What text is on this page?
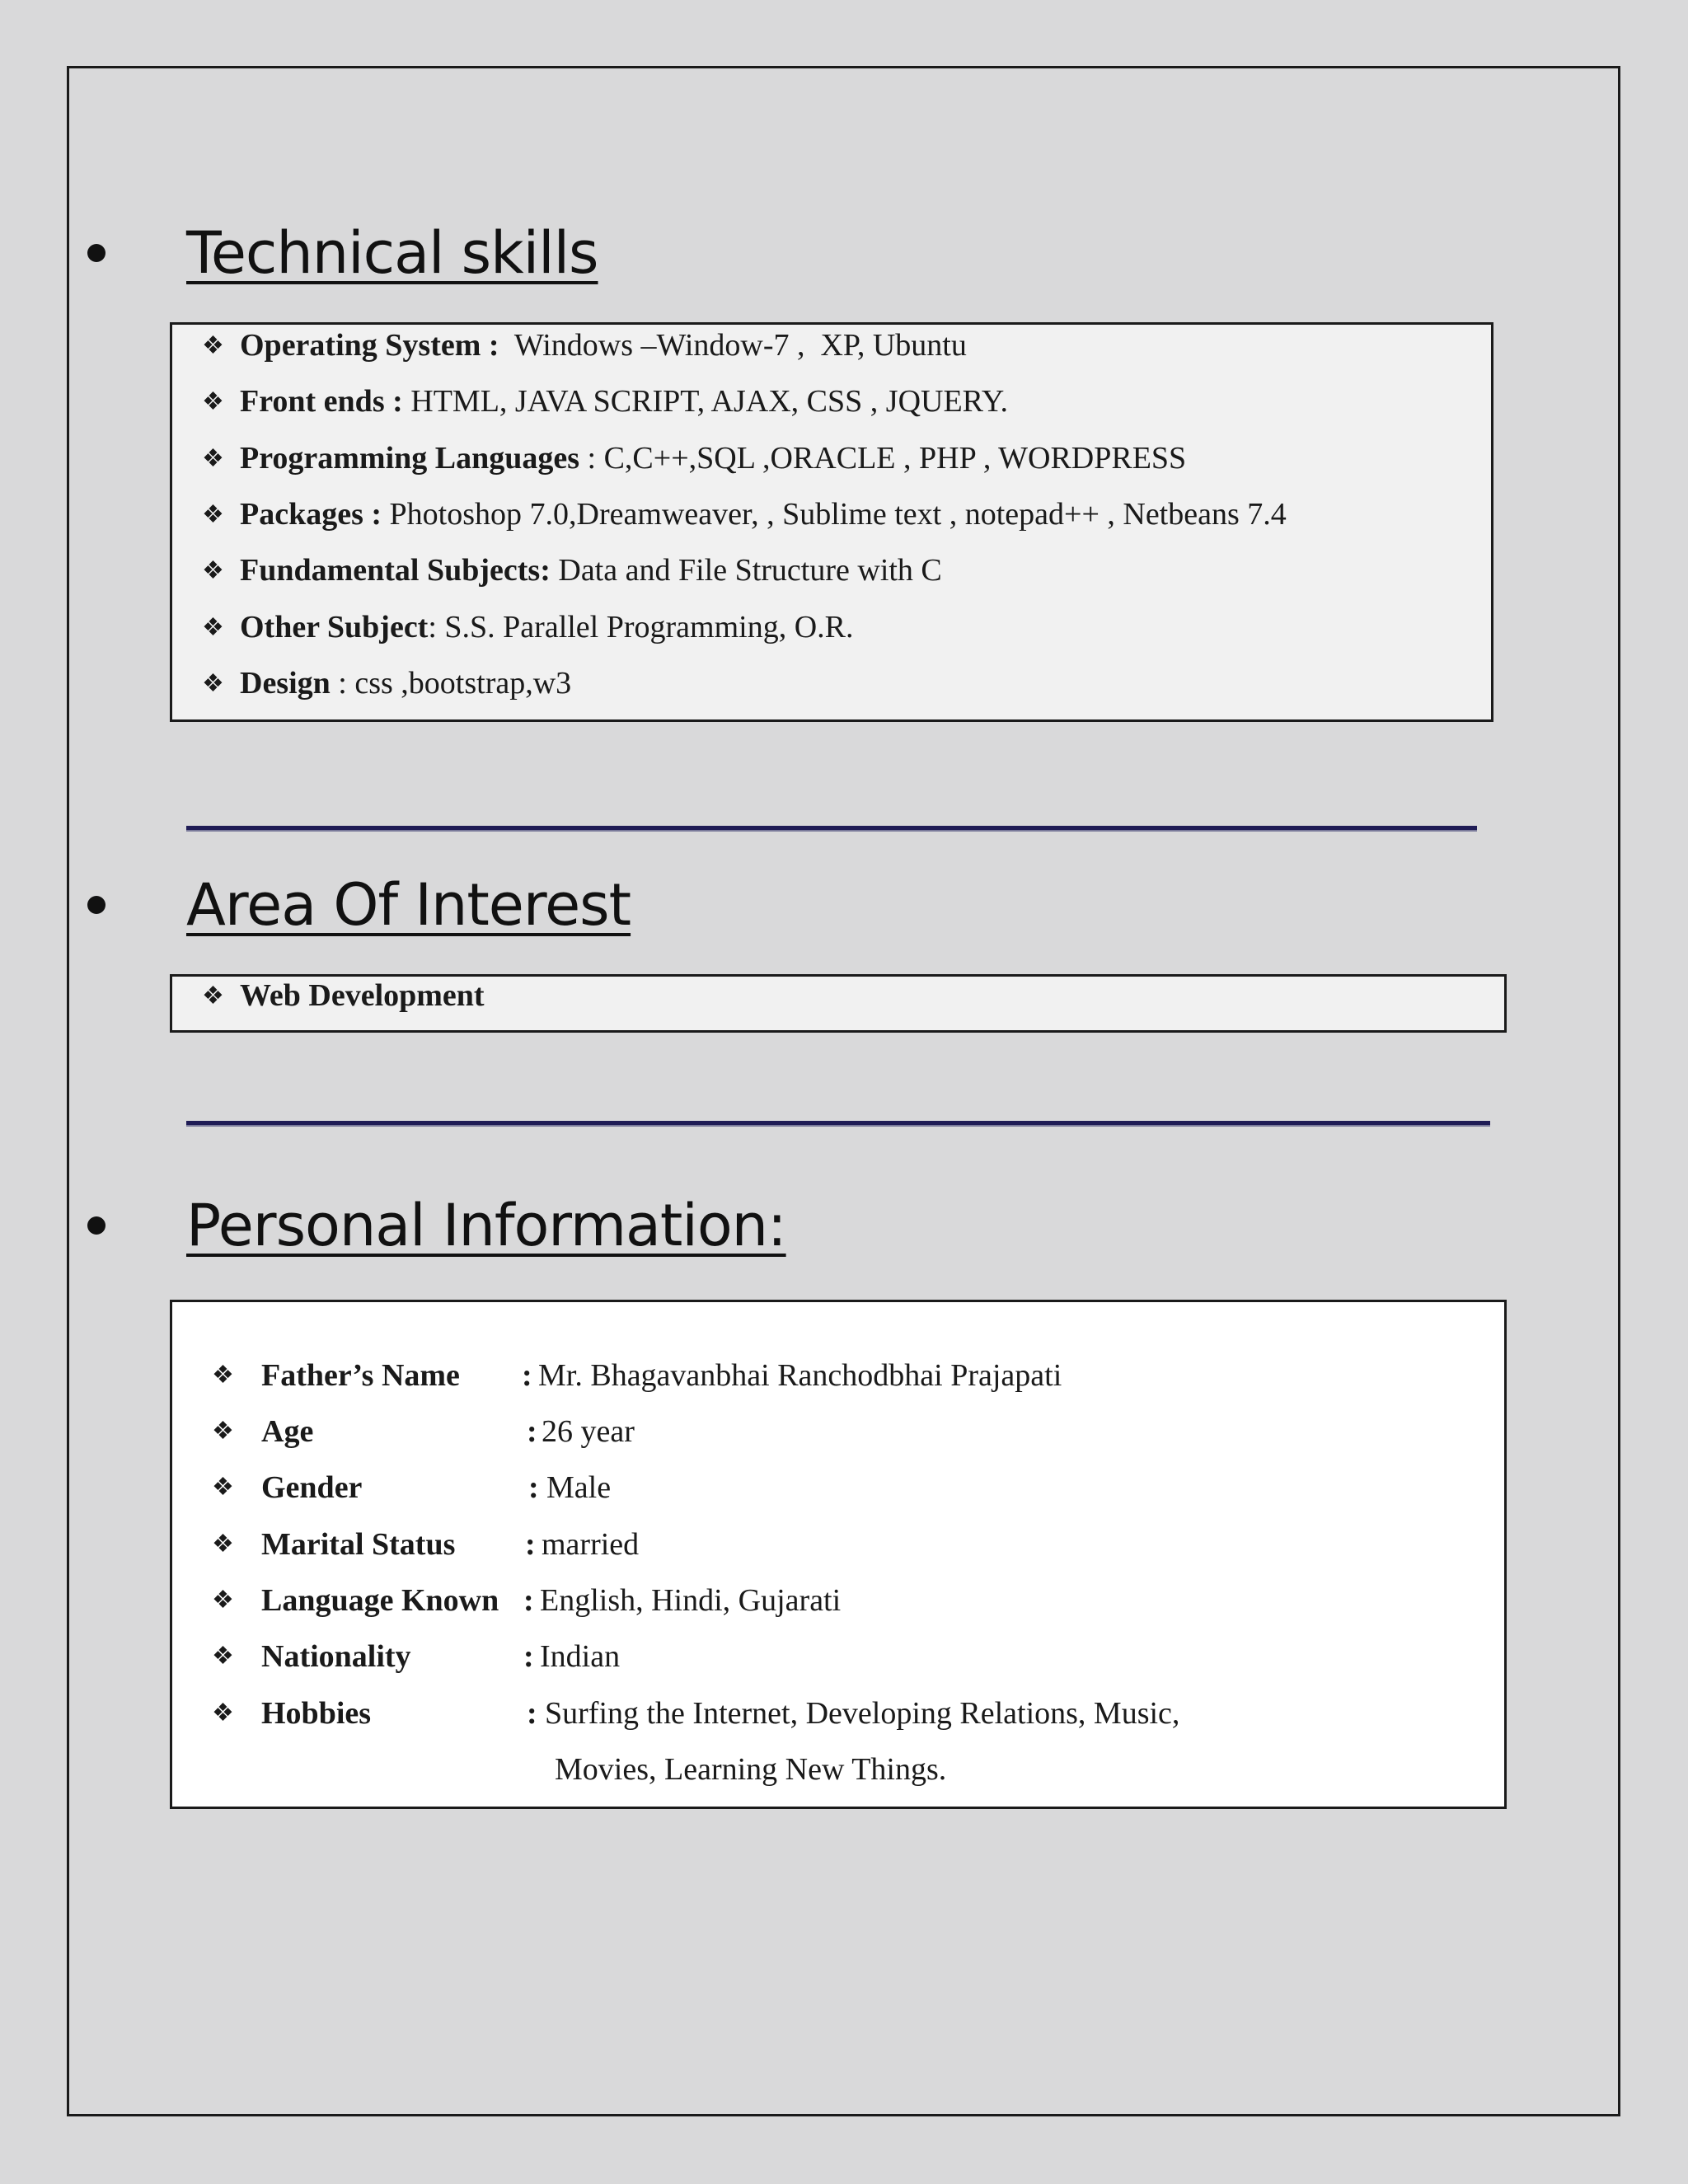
Technical skills
❖ Operating System :  Windows –Window-7 ,  XP, Ubuntu
❖ Front ends : HTML, JAVA SCRIPT, AJAX, CSS , JQUERY.
❖ Programming Languages : C,C++,SQL ,ORACLE , PHP , WORDPRESS
❖ Packages : Photoshop 7.0,Dreamweaver, , Sublime text , notepad++ , Netbeans 7.4
❖ Fundamental Subjects: Data and File Structure with C
❖ Other Subject: S.S. Parallel Programming, O.R.
❖ Design : css ,bootstrap,w3
Area Of Interest
❖ Web Development
Personal Information:
❖ Father’s Name : Mr. Bhagavanbhai Ranchodbhai Prajapati
❖ Age	: 26 year
❖ Gender	: Male
❖ Marital Status : married
❖ Language Known : English, Hindi, Gujarati
❖ Nationality	: Indian
❖ Hobbies	: Surfing the Internet, Developing Relations, Music,
Movies, Learning New Things.
